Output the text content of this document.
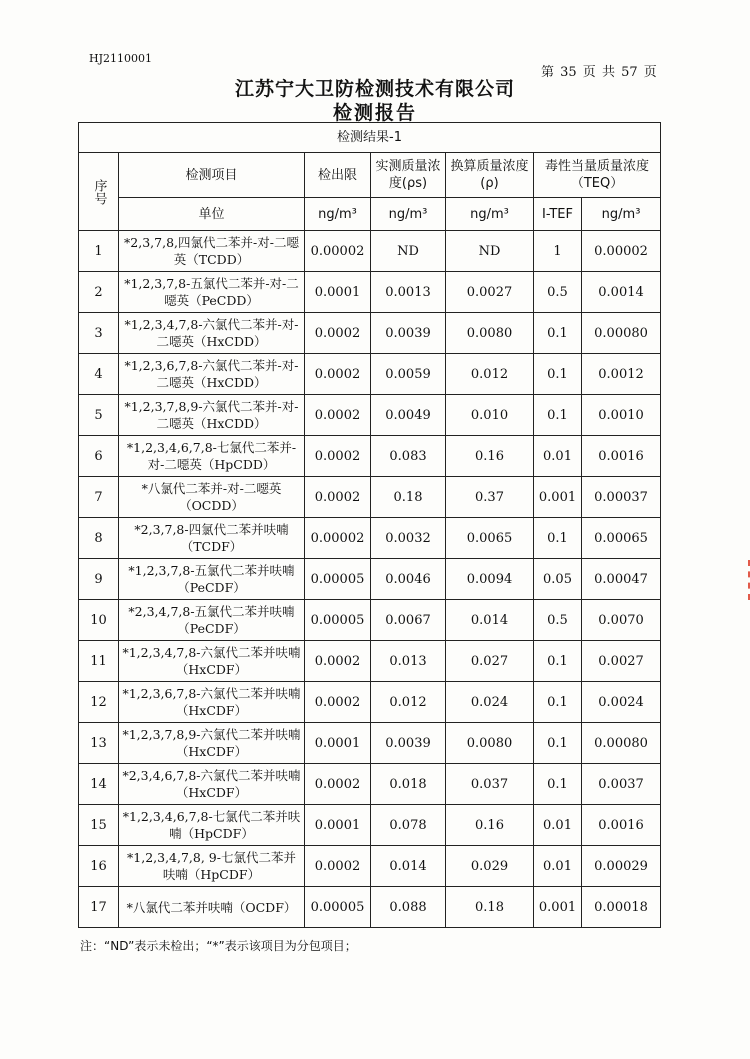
HJ2110001
第 35 页 共 57 页
江苏宁大卫防检测技术有限公司
检测报告
检测结果-1						
序号	检测项目	检出限	实测质量浓度(ρs)	换算质量浓度(ρ)	毒性当量质量浓度（TEQ）	
	单位	ng/m³	ng/m³	ng/m³	I-TEF	ng/m³
1	*2,3,7,8,四氯代二苯并-对-二噁英（TCDD）	0.00002	ND	ND	1	0.00002
2	*1,2,3,7,8-五氯代二苯并-对-二噁英（PeCDD）	0.0001	0.0013	0.0027	0.5	0.0014
3	*1,2,3,4,7,8-六氯代二苯并-对-二噁英（HxCDD）	0.0002	0.0039	0.0080	0.1	0.00080
4	*1,2,3,6,7,8-六氯代二苯并-对-二噁英（HxCDD）	0.0002	0.0059	0.012	0.1	0.0012
5	*1,2,3,7,8,9-六氯代二苯并-对-二噁英（HxCDD）	0.0002	0.0049	0.010	0.1	0.0010
6	*1,2,3,4,6,7,8-七氯代二苯并-对-二噁英（HpCDD）	0.0002	0.083	0.16	0.01	0.0016
7	*八氯代二苯并-对-二噁英（OCDD）	0.0002	0.18	0.37	0.001	0.00037
8	*2,3,7,8-四氯代二苯并呋喃（TCDF）	0.00002	0.0032	0.0065	0.1	0.00065
9	*1,2,3,7,8-五氯代二苯并呋喃（PeCDF）	0.00005	0.0046	0.0094	0.05	0.00047
10	*2,3,4,7,8-五氯代二苯并呋喃（PeCDF）	0.00005	0.0067	0.014	0.5	0.0070
11	*1,2,3,4,7,8-六氯代二苯并呋喃（HxCDF）	0.0002	0.013	0.027	0.1	0.0027
12	*1,2,3,6,7,8-六氯代二苯并呋喃（HxCDF）	0.0002	0.012	0.024	0.1	0.0024
13	*1,2,3,7,8,9-六氯代二苯并呋喃（HxCDF）	0.0001	0.0039	0.0080	0.1	0.00080
14	*2,3,4,6,7,8-六氯代二苯并呋喃（HxCDF）	0.0002	0.018	0.037	0.1	0.0037
15	*1,2,3,4,6,7,8-七氯代二苯并呋喃（HpCDF）	0.0001	0.078	0.16	0.01	0.0016
16	*1,2,3,4,7,8, 9-七氯代二苯并呋喃（HpCDF）	0.0002	0.014	0.029	0.01	0.00029
17	*八氯代二苯并呋喃（OCDF）	0.00005	0.088	0.18	0.001	0.00018
注：“ND”表示未检出；“*”表示该项目为分包项目；
